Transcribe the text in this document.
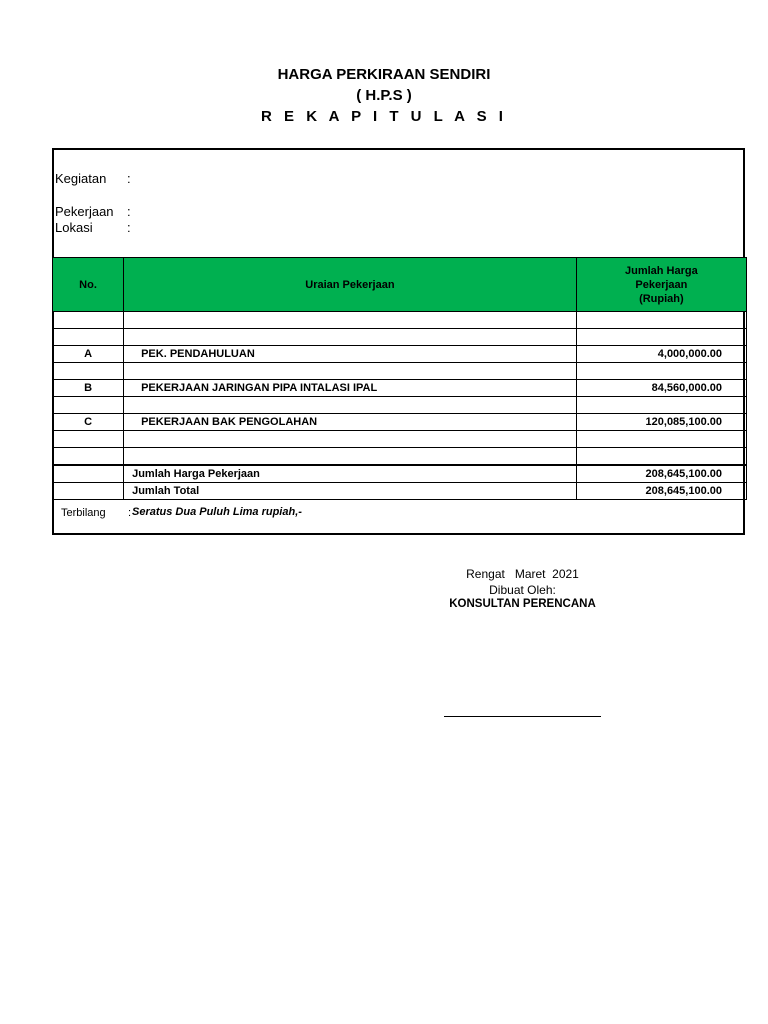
HARGA PERKIRAAN SENDIRI
( H.P.S )
R E K A P I T U L A S I
Kegiatan :
Pekerjaan :
Lokasi	:
No.	Uraian Pekerjaan	Jumlah Harga
Pekerjaan
(Rupiah)

A	PEK. PENDAHULUAN	4,000,000.00

B	PEKERJAAN JARINGAN PIPA INTALASI IPAL	84,560,000.00

C	PEKERJAAN BAK PENGOLAHAN	120,085,100.00

	Jumlah Harga Pekerjaan	208,645,100.00
	Jumlah Total	208,645,100.00
Terbilang : Seratus Dua Puluh Lima rupiah,-
Rengat   Maret  2021
Dibuat Oleh:
KONSULTAN PERENCANA
